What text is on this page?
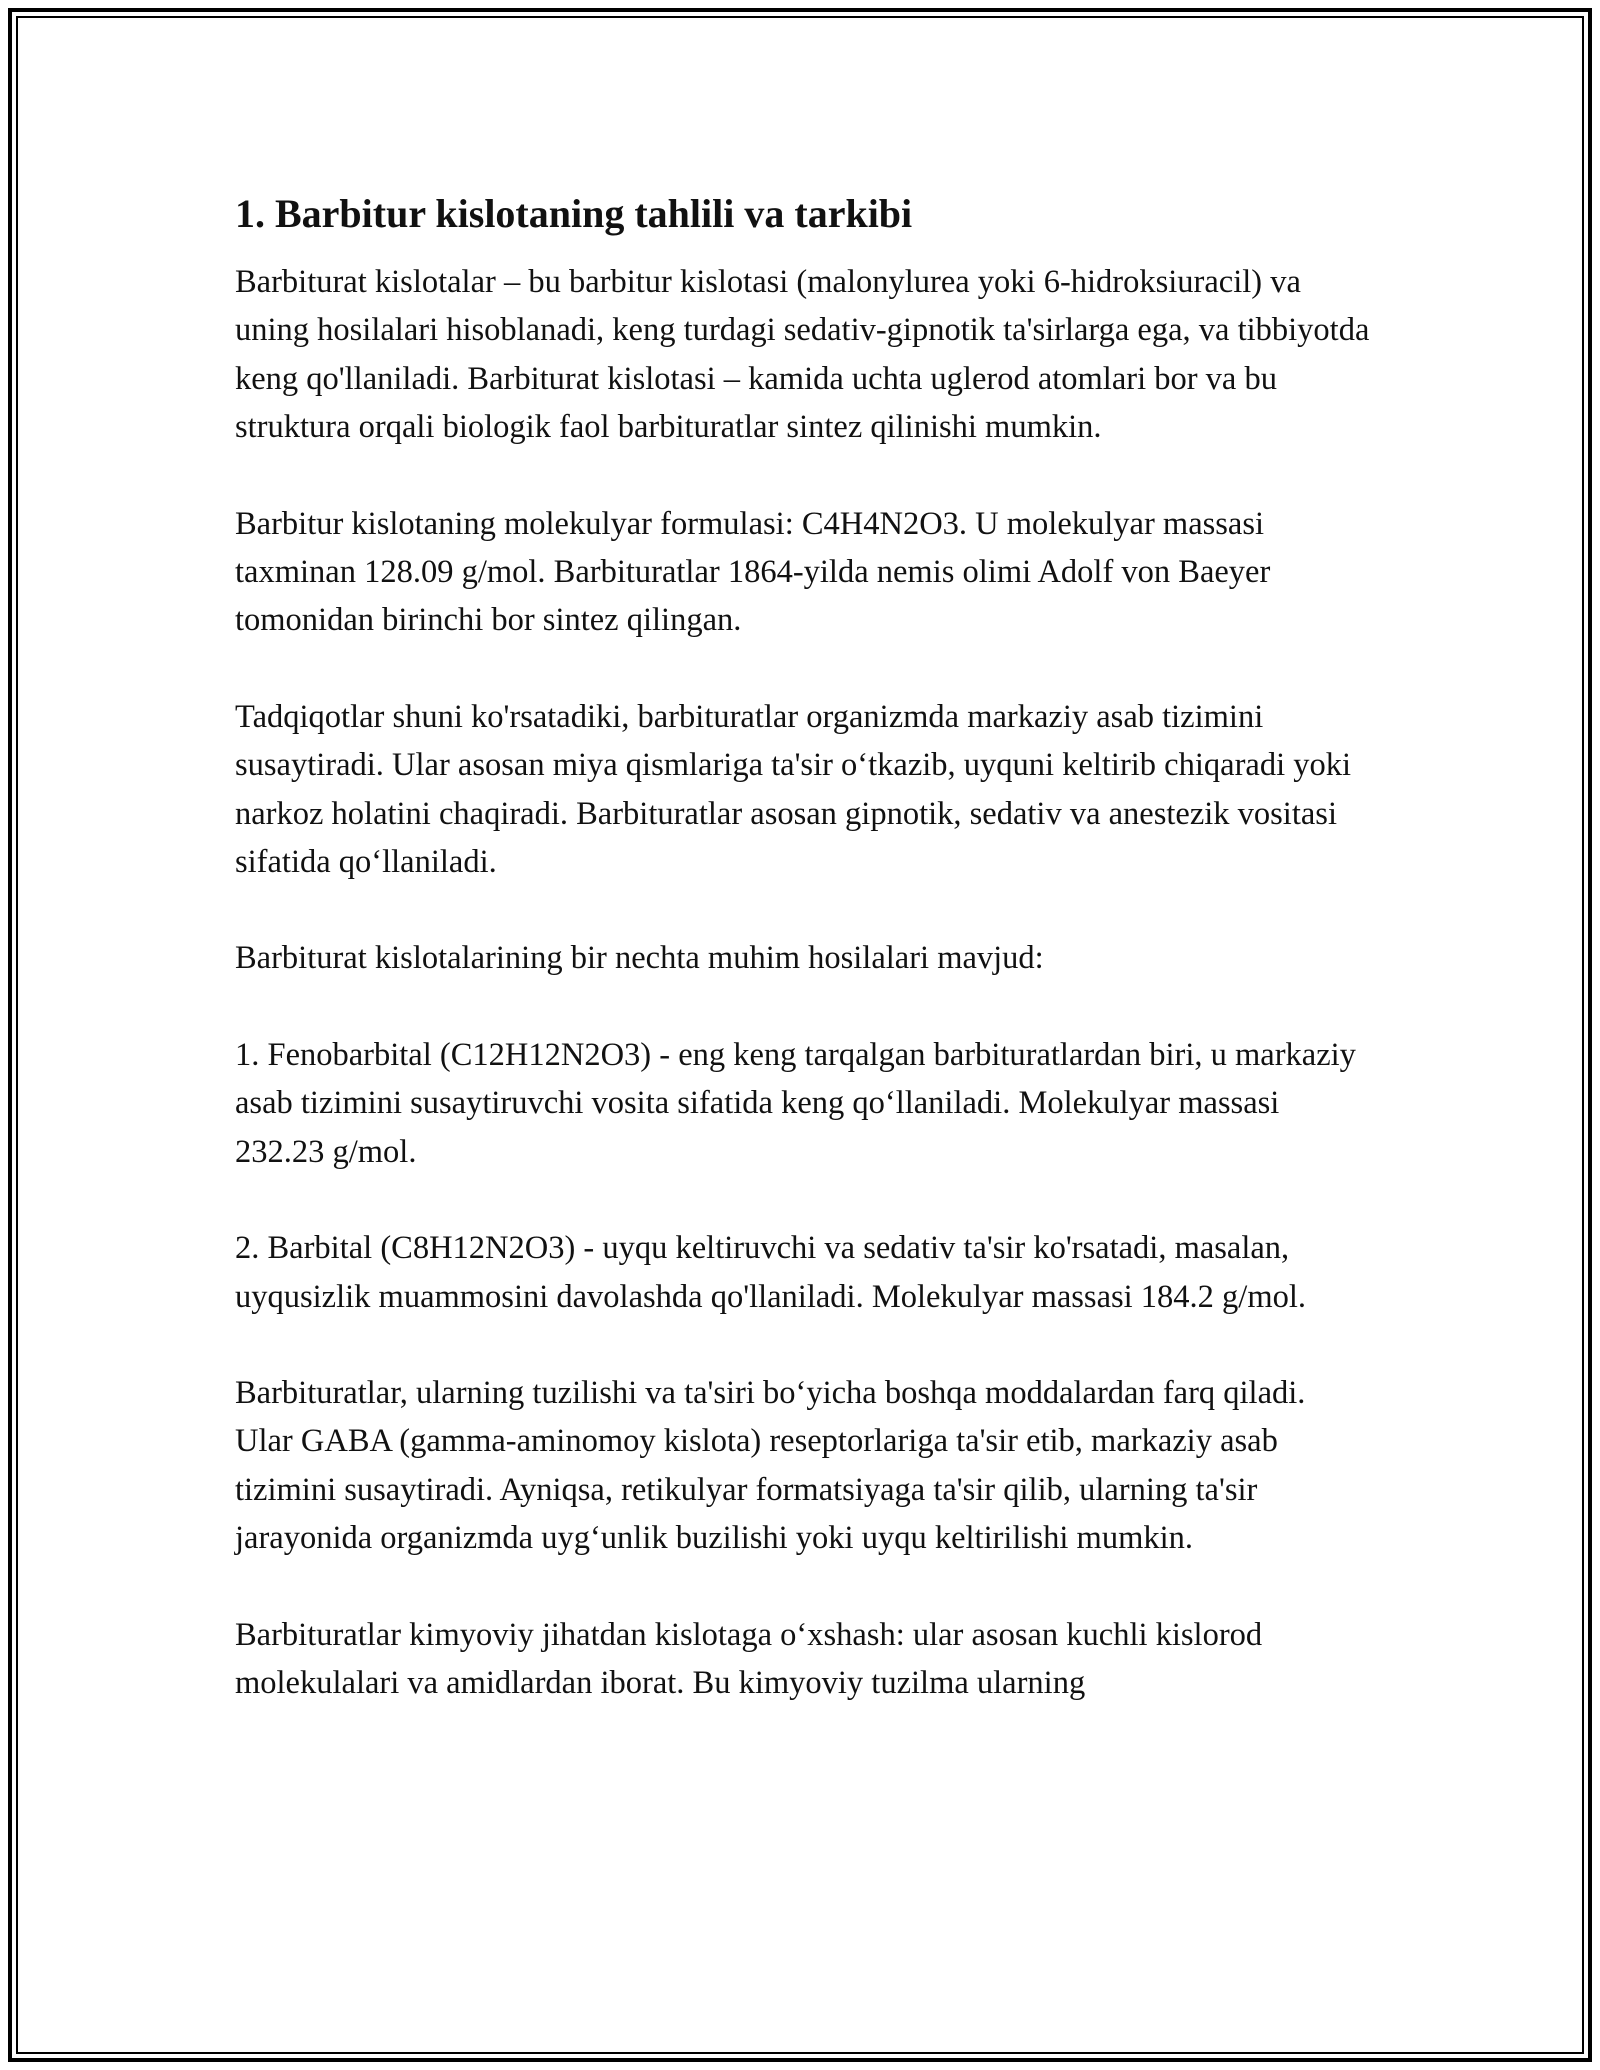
1. Barbitur kislotaning tahlili va tarkibi

Barbiturat kislotalar – bu barbitur kislotasi (malonylurea yoki 6-hidroksiuracil) va uning hosilalari hisoblanadi, keng turdagi sedativ-gipnotik ta'sirlarga ega, va tibbiyotda keng qo'llaniladi. Barbiturat kislotasi – kamida uchta uglerod atomlari bor va bu struktura orqali biologik faol barbituratlar sintez qilinishi mumkin.

Barbitur kislotaning molekulyar formulasi: C4H4N2O3. U molekulyar massasi taxminan 128.09 g/mol. Barbituratlar 1864-yilda nemis olimi Adolf von Baeyer tomonidan birinchi bor sintez qilingan.

Tadqiqotlar shuni ko'rsatadiki, barbituratlar organizmda markaziy asab tizimini susaytiradi. Ular asosan miya qismlariga ta'sir o‘tkazib, uyquni keltirib chiqaradi yoki narkoz holatini chaqiradi. Barbituratlar asosan gipnotik, sedativ va anestezik vositasi sifatida qo‘llaniladi.

Barbiturat kislotalarining bir nechta muhim hosilalari mavjud:

1. Fenobarbital (C12H12N2O3) - eng keng tarqalgan barbituratlardan biri, u markaziy asab tizimini susaytiruvchi vosita sifatida keng qo‘llaniladi. Molekulyar massasi 232.23 g/mol.

2. Barbital (C8H12N2O3) - uyqu keltiruvchi va sedativ ta'sir ko'rsatadi, masalan, uyqusizlik muammosini davolashda qo'llaniladi. Molekulyar massasi 184.2 g/mol.

Barbituratlar, ularning tuzilishi va ta'siri bo‘yicha boshqa moddalardan farq qiladi. Ular GABA (gamma-aminomoy kislota) reseptorlariga ta'sir etib, markaziy asab tizimini susaytiradi. Ayniqsa, retikulyar formatsiyaga ta'sir qilib, ularning ta'sir jarayonida organizmda uyg‘unlik buzilishi yoki uyqu keltirilishi mumkin.

Barbituratlar kimyoviy jihatdan kislotaga o‘xshash: ular asosan kuchli kislorod molekulalari va amidlardan iborat. Bu kimyoviy tuzilma ularning
